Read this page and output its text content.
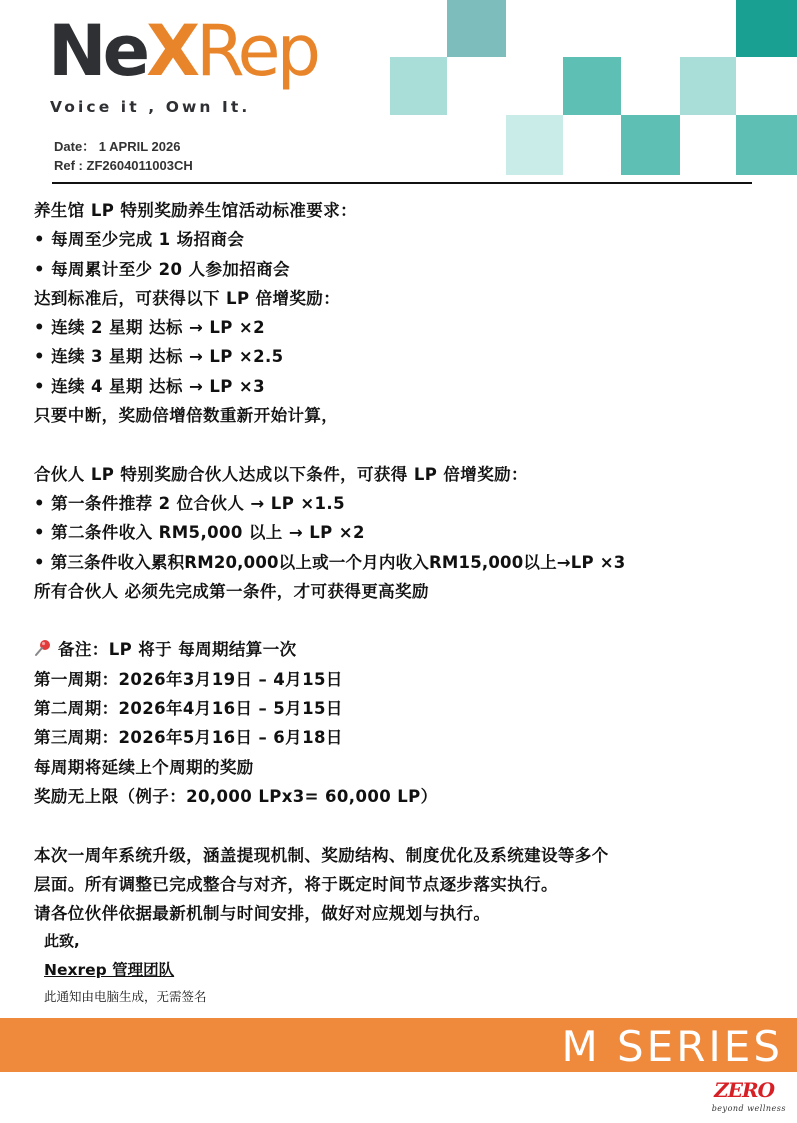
NeXRep
Voice it , Own It.
Date： 1 APRIL 2026
Ref : ZF2604011003CH
养生馆 LP 特别奖励养生馆活动标准要求：
• 每周至少完成 1 场招商会
• 每周累计至少 20 人参加招商会
达到标准后，可获得以下 LP 倍增奖励：
• 连续 2 星期 达标 → LP ×2
• 连续 3 星期 达标 → LP ×2.5
• 连续 4 星期 达标 → LP ×3
只要中断，奖励倍增倍数重新开始计算，
合伙人 LP 特别奖励合伙人达成以下条件，可获得 LP 倍增奖励：
• 第一条件推荐 2 位合伙人 → LP ×1.5
• 第二条件收入 RM5,000 以上 → LP ×2
• 第三条件收入累积RM20,000以上或一个月内收入RM15,000以上→LP ×3
所有合伙人 必须先完成第一条件，才可获得更高奖励
备注：LP 将于 每周期结算一次
第一周期：2026年3月19日 – 4月15日
第二周期：2026年4月16日 – 5月15日
第三周期：2026年5月16日 – 6月18日
每周期将延续上个周期的奖励
奖励无上限（例子：20,000 LPx3= 60,000 LP）
本次一周年系统升级，涵盖提现机制、奖励结构、制度优化及系统建设等多个
层面。所有调整已完成整合与对齐，将于既定时间节点逐步落实执行。
请各位伙伴依据最新机制与时间安排，做好对应规划与执行。
此致,
Nexrep 管理团队
此通知由电脑生成，无需签名
M SERIES
ZERO
beyond wellness
